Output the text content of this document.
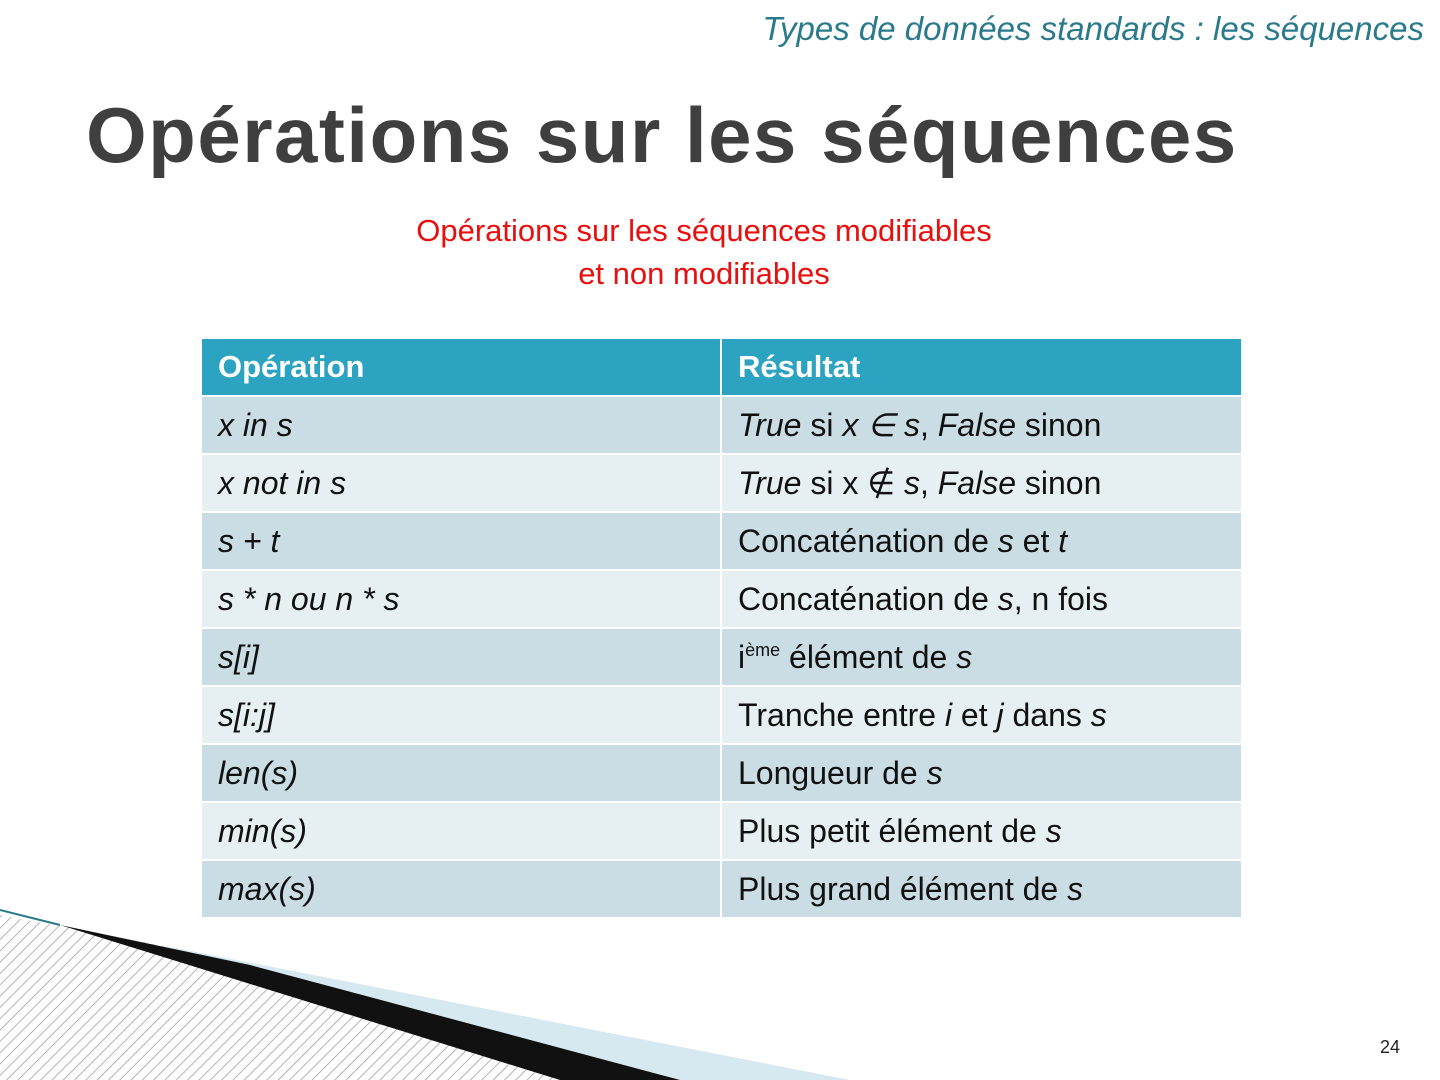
Types de données standards : les séquences
Opérations sur les séquences
Opérations sur les séquences modifiables
et non modifiables
Opération	Résultat
x in s	True si x ∈ s, False sinon
x not in s	True si x ∉ s, False sinon
s + t	Concaténation de s et t
s * n ou n * s	Concaténation de s, n fois
s[i]	$i^{ème}$ élément de s
s[i:j]	Tranche entre i et j dans s
len(s)	Longueur de s
min(s)	Plus petit élément de s
max(s)	Plus grand élément de s
24
